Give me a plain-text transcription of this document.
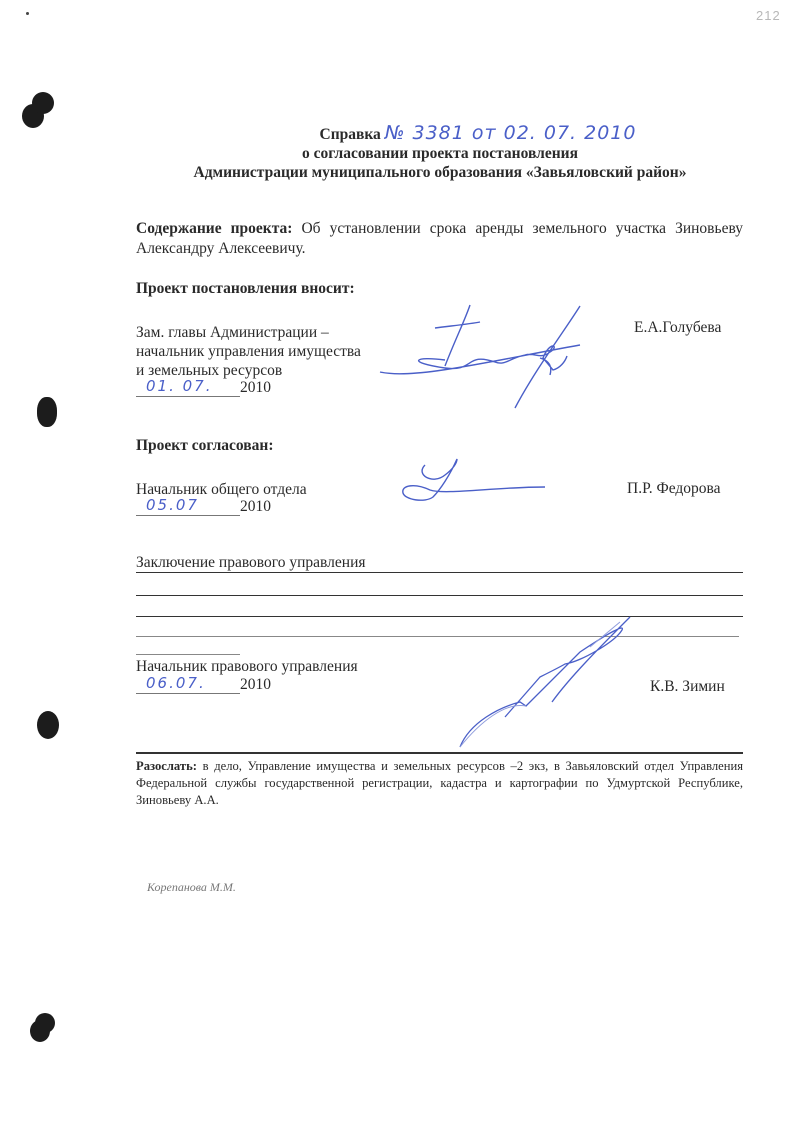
212
Справка № 3381 от 02. 07. 2010
о согласовании проекта постановления
Администрации муниципального образования «Завьяловский район»
Содержание проекта: Об установлении срока аренды земельного участка Зиновьеву Александру Алексеевичу.
Проект постановления вносит:
Зам. главы Администрации –
начальник управления имущества
и земельных ресурсов
01. 07. 2010
Е.А.Голубева
Проект согласован:
Начальник общего отдела
05.07	2010
П.Р. Федорова
Заключение правового управления
Начальник правового управления
06.07. 2010	К.В. Зимин
Разослать: в дело, Управление имущества и земельных ресурсов –2 экз, в Завьяловский отдел Управления Федеральной службы государственной регистрации, кадастра и картографии по Удмуртской Республике, Зиновьеву А.А.
Корепанова М.М.
